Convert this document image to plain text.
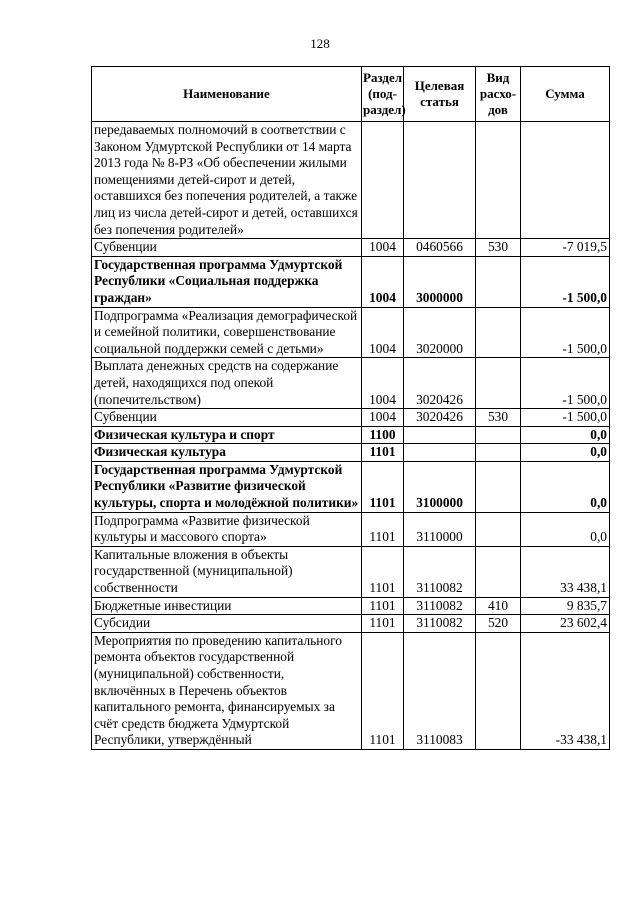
128
Наименование	Раздел (под-раздел)	Целевая статья	Вид расхо-дов	Сумма
передаваемых полномочий в соответствии с Законом Удмуртской Республики от 14 марта 2013 года № 8-РЗ «Об обеспечении жилыми помещениями детей-сирот и детей, оставшихся без попечения родителей, а также лиц из числа детей-сирот и детей, оставшихся без попечения родителей»				
Субвенции	1004	0460566	530	-7 019,5
Государственная программа Удмуртской Республики «Социальная поддержка граждан»	1004	3000000		-1 500,0
Подпрограмма «Реализация демографической и семейной политики, совершенствование социальной поддержки семей с детьми»	1004	3020000		-1 500,0
Выплата денежных средств на содержание детей, находящихся под опекой (попечительством)	1004	3020426		-1 500,0
Субвенции	1004	3020426	530	-1 500,0
Физическая культура и спорт	1100			0,0
Физическая культура	1101			0,0
Государственная программа Удмуртской Республики «Развитие физической культуры, спорта и молодёжной политики»	1101	3100000		0,0
Подпрограмма «Развитие физической культуры и массового спорта»	1101	3110000		0,0
Капитальные вложения в объекты государственной (муниципальной) собственности	1101	3110082		33 438,1
Бюджетные инвестиции	1101	3110082	410	9 835,7
Субсидии	1101	3110082	520	23 602,4
Мероприятия по проведению капитального ремонта объектов государственной (муниципальной) собственности, включённых в Перечень объектов капитального ремонта, финансируемых за счёт средств бюджета Удмуртской Республики, утверждённый	1101	3110083		-33 438,1
